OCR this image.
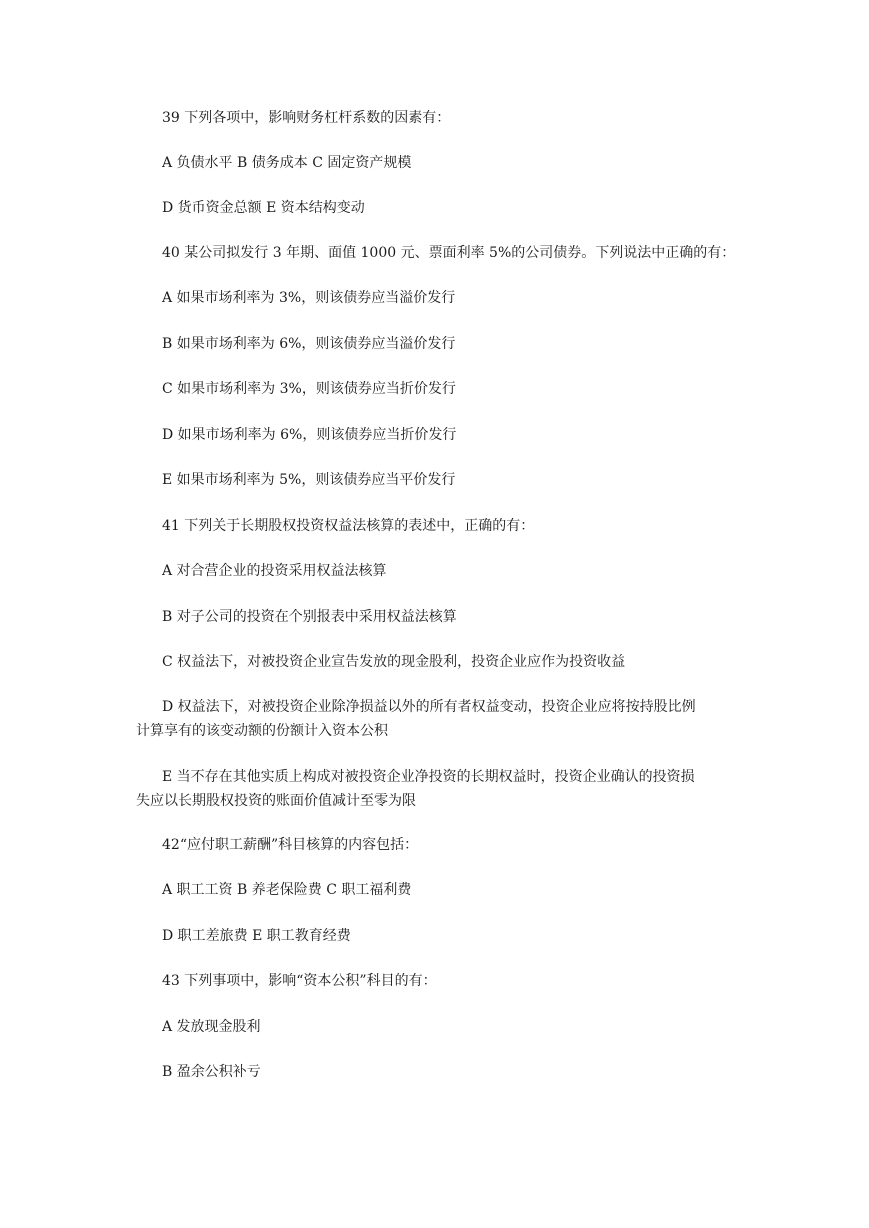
39 下列各项中，影响财务杠杆系数的因素有：
A 负债水平 B 债务成本 C 固定资产规模
D 货币资金总额 E 资本结构变动
40 某公司拟发行 3 年期、面值 1000 元、票面利率 5%的公司债券。下列说法中正确的有：
A 如果市场利率为 3%，则该债券应当溢价发行
B 如果市场利率为 6%，则该债券应当溢价发行
C 如果市场利率为 3%，则该债券应当折价发行
D 如果市场利率为 6%，则该债券应当折价发行
E 如果市场利率为 5%，则该债券应当平价发行
41 下列关于长期股权投资权益法核算的表述中，正确的有：
A 对合营企业的投资采用权益法核算
B 对子公司的投资在个别报表中采用权益法核算
C 权益法下，对被投资企业宣告发放的现金股利，投资企业应作为投资收益
D 权益法下，对被投资企业除净损益以外的所有者权益变动，投资企业应将按持股比例
计算享有的该变动额的份额计入资本公积
E 当不存在其他实质上构成对被投资企业净投资的长期权益时，投资企业确认的投资损
失应以长期股权投资的账面价值减计至零为限
42“应付职工薪酬”科目核算的内容包括：
A 职工工资 B 养老保险费 C 职工福利费
D 职工差旅费 E 职工教育经费
43 下列事项中，影响“资本公积”科目的有：
A 发放现金股利
B 盈余公积补亏
